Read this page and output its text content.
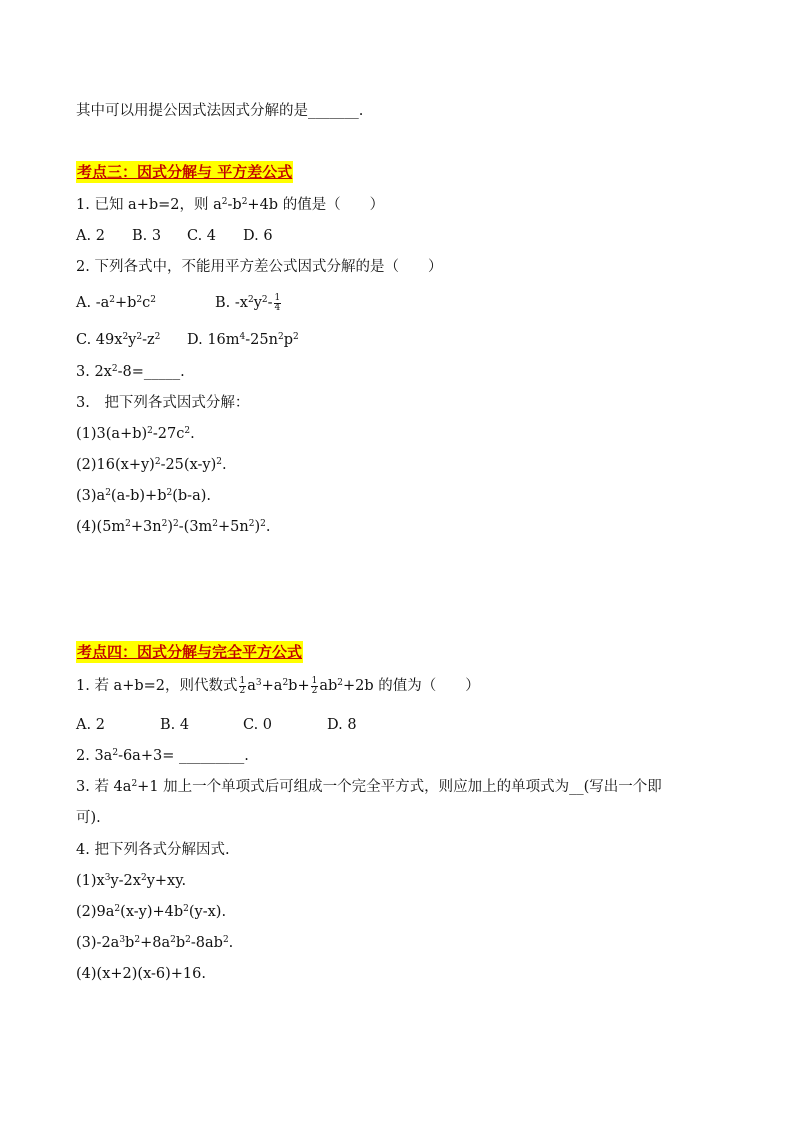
其中可以用提公因式法因式分解的是_______.
考点三：因式分解与 平方差公式
1. 已知 a+b=2，则 $a^2-b^2+4b$ 的值是（　　）
A. 2 B. 3 C. 4 D. 6
2. 下列各式中，不能用平方差公式因式分解的是（　　）
A. $-a^2+b^2c^2$	B. $-x^2y^2- \frac{1}{4}$
C. $49x^2y^2-z^2$ D. $16m^4-25n^2p^2$
3. $2x^2-8=\_\_\_\_\_$.
3.　把下列各式因式分解：
$(1)3(a+b)^2-27c^2$.
$(2)16(x+y)^2-25(x-y)^2$.
$(3)a^2(a-b)+b^2(b-a)$.
$(4)(5m^2+3n^2)^2-(3m^2+5n^2)^2$.
考点四：因式分解与完全平方公式
1. 若 a+b=2，则代数式 $\frac{1}{2} a^3+a^2b+ \frac{1}{2} ab^2+2b$ 的值为（　　）
A. 2	B. 4	C. 0	D. 8
2. $3a^2-6a+3=$ _________.
3. 若 $4a^2+1$ 加上一个单项式后可组成一个完全平方式，则应加上的单项式为__(写出一个即
可).
4. 把下列各式分解因式.
$(1)x^3y-2x^2y+xy$.
$(2)9a^2(x-y)+4b^2(y-x)$.
$(3)-2a^3b^2+8a^2b^2-8ab^2$.
(4)(x+2)(x-6)+16.
